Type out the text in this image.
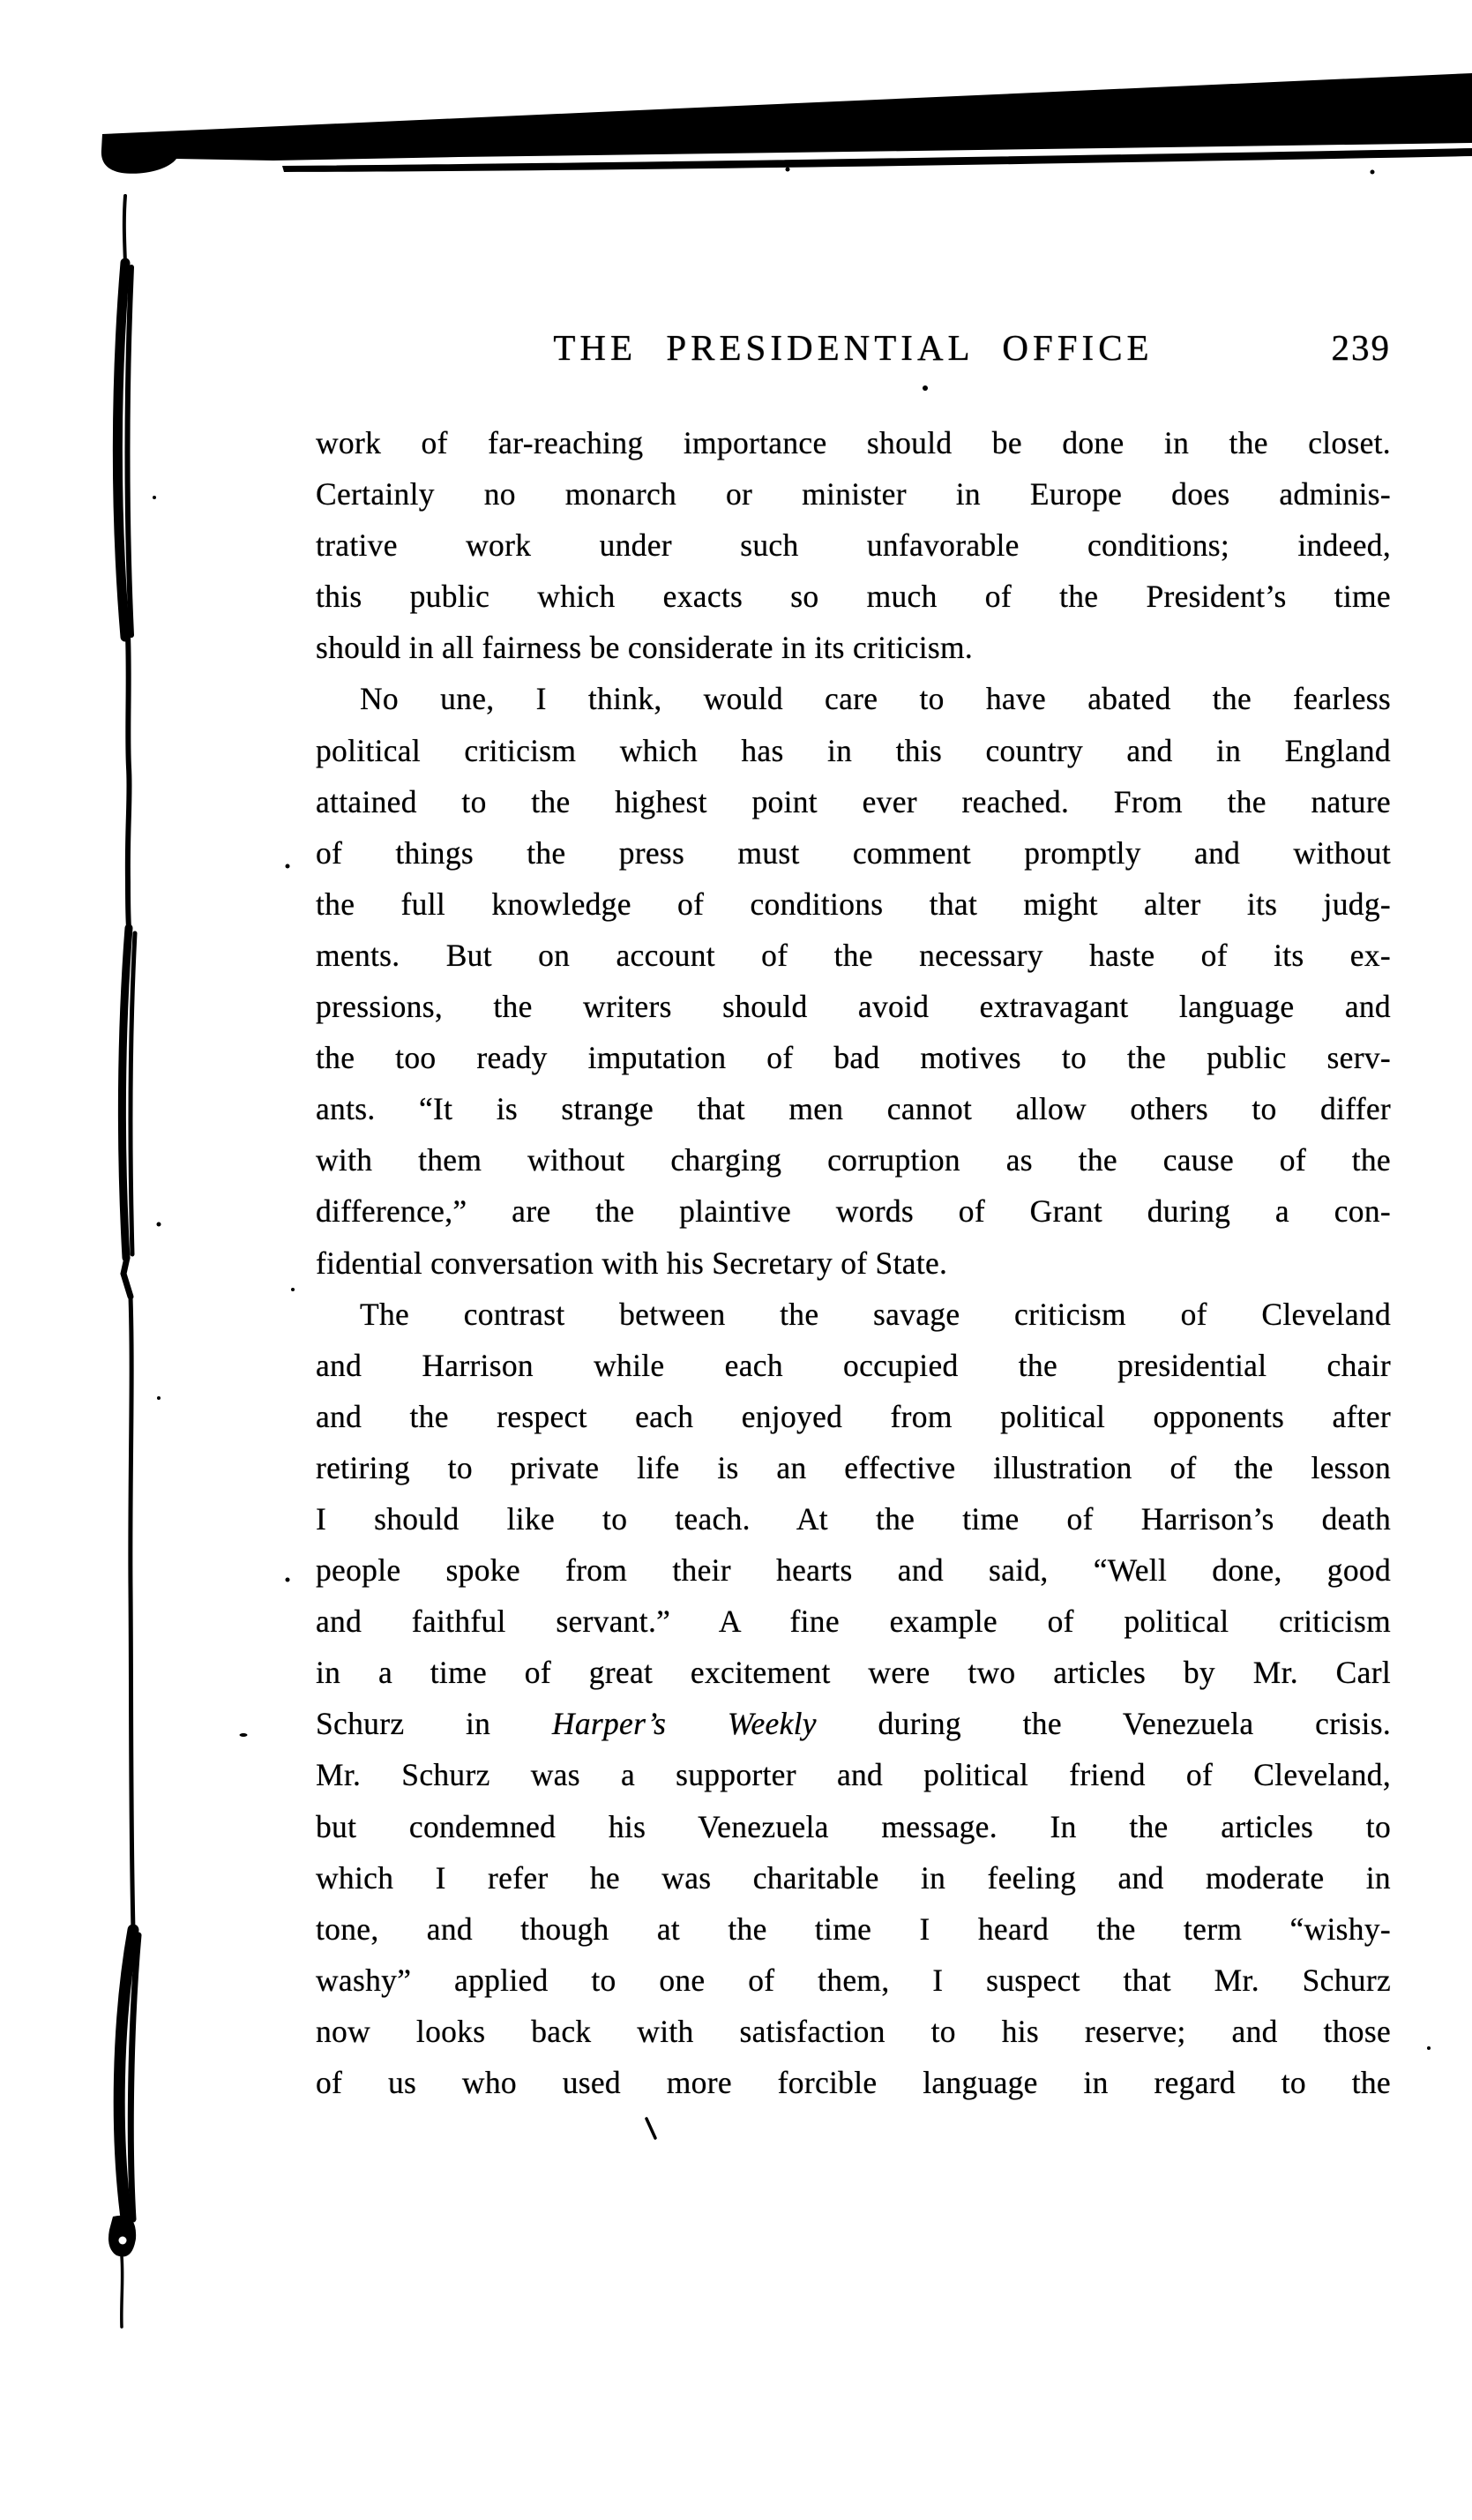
THE PRESIDENTIAL OFFICE	239
work of far-reaching importance should be done in the closet.
Certainly no monarch or minister in Europe does adminis-
trative work under such unfavorable conditions; indeed,
this public which exacts so much of the President’s time
should in all fairness be considerate in its criticism.
No une, I think, would care to have abated the fearless
political criticism which has in this country and in England
attained to the highest point ever reached. From the nature
of things the press must comment promptly and without
the full knowledge of conditions that might alter its judg-
ments. But on account of the necessary haste of its ex-
pressions, the writers should avoid extravagant language and
the too ready imputation of bad motives to the public serv-
ants. “It is strange that men cannot allow others to differ
with them without charging corruption as the cause of the
difference,” are the plaintive words of Grant during a con-
fidential conversation with his Secretary of State.
The contrast between the savage criticism of Cleveland
and Harrison while each occupied the presidential chair
and the respect each enjoyed from political opponents after
retiring to private life is an effective illustration of the lesson
I should like to teach. At the time of Harrison’s death
people spoke from their hearts and said, “Well done, good
and faithful servant.” A fine example of political criticism
in a time of great excitement were two articles by Mr. Carl
Schurz in Harper’s Weekly during the Venezuela crisis.
Mr. Schurz was a supporter and political friend of Cleveland,
but condemned his Venezuela message. In the articles to
which I refer he was charitable in feeling and moderate in
tone, and though at the time I heard the term “wishy-
washy” applied to one of them, I suspect that Mr. Schurz
now looks back with satisfaction to his reserve; and those
of us who used more forcible language in regard to the
